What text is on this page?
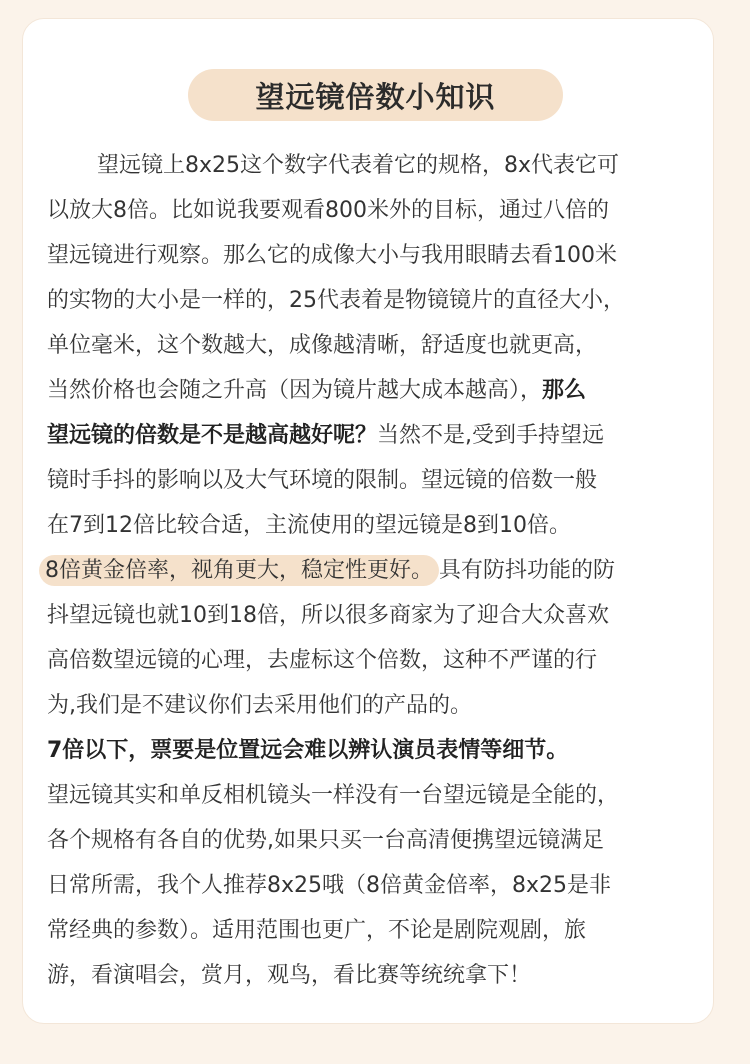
望远镜倍数小知识
望远镜上8x25这个数字代表着它的规格，8x代表它可
以放大8倍。比如说我要观看800米外的目标，通过八倍的
望远镜进行观察。那么它的成像大小与我用眼睛去看100米
的实物的大小是一样的，25代表着是物镜镜片的直径大小，
单位毫米，这个数越大，成像越清晰，舒适度也就更高，
当然价格也会随之升高（因为镜片越大成本越高），那么
望远镜的倍数是不是越高越好呢？当然不是,受到手持望远
镜时手抖的影响以及大气环境的限制。望远镜的倍数一般
在7到12倍比较合适，主流使用的望远镜是8到10倍。
8倍黄金倍率，视角更大，稳定性更好。 具有防抖功能的防
抖望远镜也就10到18倍，所以很多商家为了迎合大众喜欢
高倍数望远镜的心理，去虚标这个倍数，这种不严谨的行
为,我们是不建议你们去采用他们的产品的。
7倍以下，票要是位置远会难以辨认演员表情等细节。
望远镜其实和单反相机镜头一样没有一台望远镜是全能的，
各个规格有各自的优势,如果只买一台高清便携望远镜满足
日常所需，我个人推荐8x25哦（8倍黄金倍率，8x25是非
常经典的参数）。适用范围也更广，不论是剧院观剧，旅
游，看演唱会，赏月，观鸟，看比赛等统统拿下！
